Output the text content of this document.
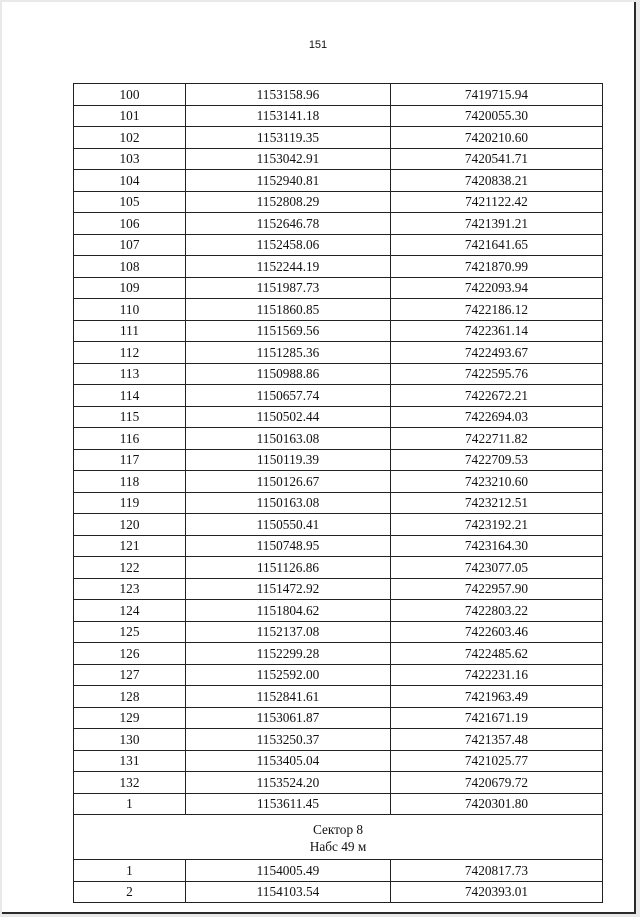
151
100	1153158.96	7419715.94
101	1153141.18	7420055.30
102	1153119.35	7420210.60
103	1153042.91	7420541.71
104	1152940.81	7420838.21
105	1152808.29	7421122.42
106	1152646.78	7421391.21
107	1152458.06	7421641.65
108	1152244.19	7421870.99
109	1151987.73	7422093.94
110	1151860.85	7422186.12
111	1151569.56	7422361.14
112	1151285.36	7422493.67
113	1150988.86	7422595.76
114	1150657.74	7422672.21
115	1150502.44	7422694.03
116	1150163.08	7422711.82
117	1150119.39	7422709.53
118	1150126.67	7423210.60
119	1150163.08	7423212.51
120	1150550.41	7423192.21
121	1150748.95	7423164.30
122	1151126.86	7423077.05
123	1151472.92	7422957.90
124	1151804.62	7422803.22
125	1152137.08	7422603.46
126	1152299.28	7422485.62
127	1152592.00	7422231.16
128	1152841.61	7421963.49
129	1153061.87	7421671.19
130	1153250.37	7421357.48
131	1153405.04	7421025.77
132	1153524.20	7420679.72
1	1153611.45	7420301.80

Сектор 8
Набс 49 м		

1	1154005.49	7420817.73
2	1154103.54	7420393.01
